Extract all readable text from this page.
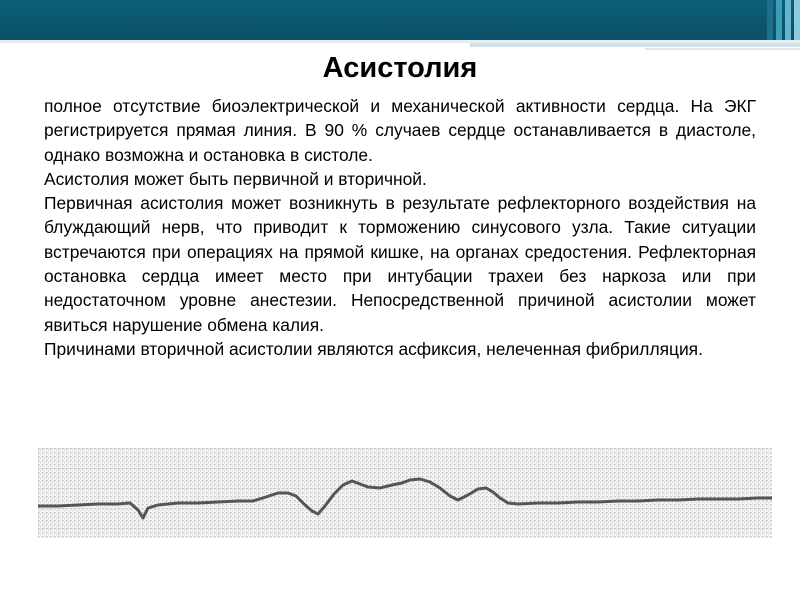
Асистолия

полное отсутствие биоэлектрической и механической активности сердца. На ЭКГ регистрируется прямая линия. В 90 % случаев сердце останавливается в диастоле, однако возможна и остановка в систоле.

Асистолия может быть первичной и вторичной.

Первичная асистолия может возникнуть в результате рефлекторного воздействия на блуждающий нерв, что приводит к торможению синусового узла. Такие ситуации встречаются при операциях на прямой кишке, на органах средостения. Рефлекторная остановка сердца имеет место при интубации трахеи без наркоза или при недостаточном уровне анестезии. Непосредственной причиной асистолии может явиться нарушение обмена калия.

Причинами вторичной асистолии являются асфиксия, нелеченная фибрилляция.
